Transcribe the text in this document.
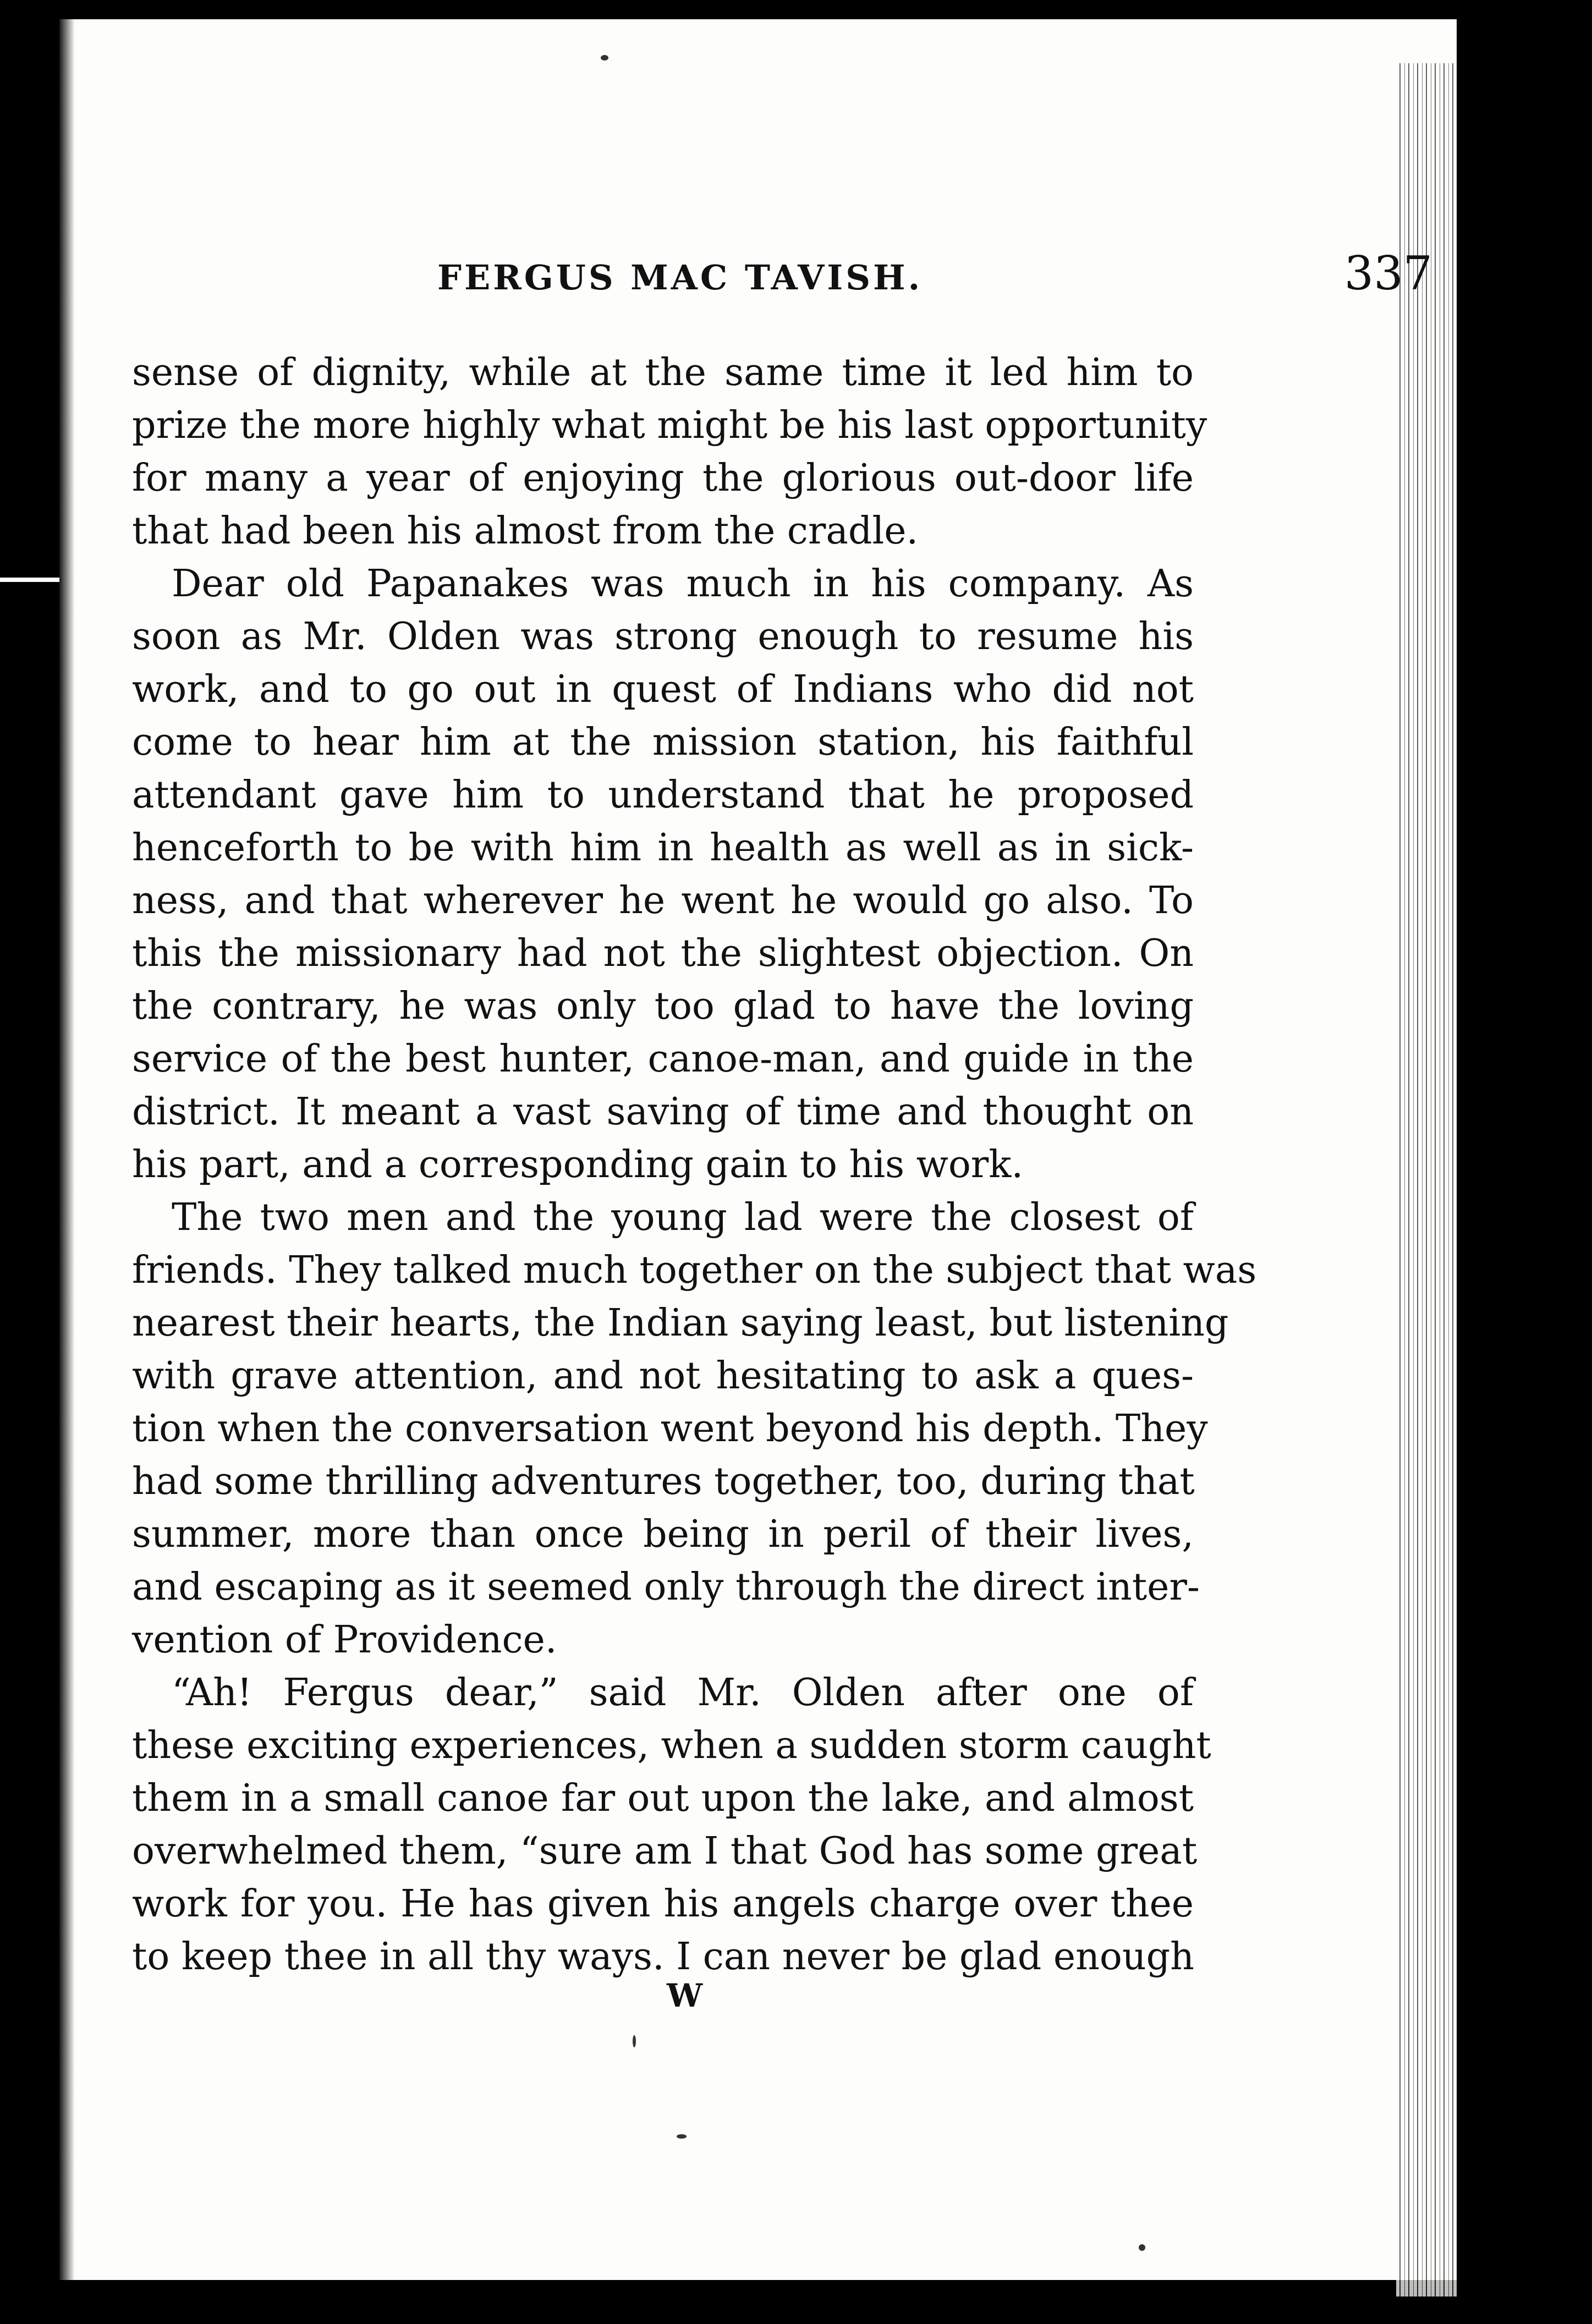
FERGUS MAC TAVISH.	337
sense of dignity, while at the same time it led him to
prize the more highly what might be his last opportunity
for many a year of enjoying the glorious out-door life
that had been his almost from the cradle.
Dear old Papanakes was much in his company. As
soon as Mr. Olden was strong enough to resume his
work, and to go out in quest of Indians who did not
come to hear him at the mission station, his faithful
attendant gave him to understand that he proposed
henceforth to be with him in health as well as in sick-
ness, and that wherever he went he would go also. To
this the missionary had not the slightest objection. On
the contrary, he was only too glad to have the loving
service of the best hunter, canoe-man, and guide in the
district. It meant a vast saving of time and thought on
his part, and a corresponding gain to his work.
The two men and the young lad were the closest of
friends. They talked much together on the subject that was
nearest their hearts, the Indian saying least, but listening
with grave attention, and not hesitating to ask a ques-
tion when the conversation went beyond his depth. They
had some thrilling adventures together, too, during that
summer, more than once being in peril of their lives,
and escaping as it seemed only through the direct inter-
vention of Providence.
“Ah! Fergus dear,” said Mr. Olden after one of
these exciting experiences, when a sudden storm caught
them in a small canoe far out upon the lake, and almost
overwhelmed them, “sure am I that God has some great
work for you. He has given his angels charge over thee
to keep thee in all thy ways. I can never be glad enough
W
